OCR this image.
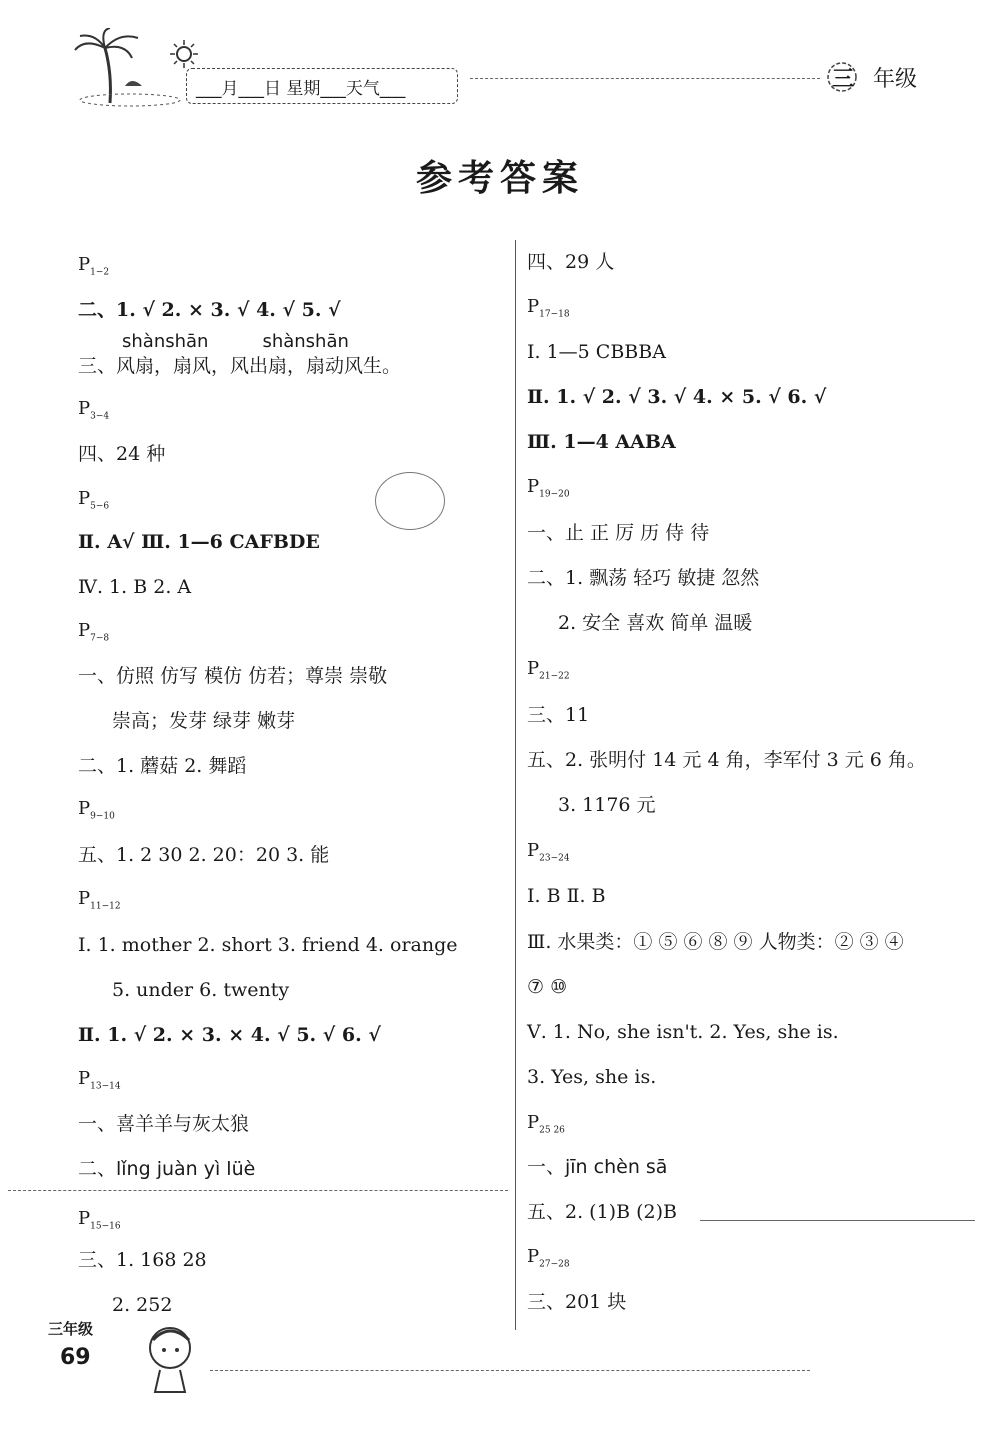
___月___日 星期___天气___	三 年级
参考答案
$P_{1-2}$
二、1. √ 2. × 3. √ 4. √ 5. √
shànshān	shànshān
三、风扇，扇风，风出扇，扇动风生。
$P_{3-4}$
四、24 种
$P_{5-6}$
Ⅱ. A√ Ⅲ. 1—6 CAFBDE
Ⅳ. 1. B 2. A
$P_{7-8}$
一、仿照 仿写 模仿 仿若；尊崇 崇敬
崇高；发芽 绿芽 嫩芽
二、1. 蘑菇 2. 舞蹈
$P_{9-10}$
五、1. 2 30 2. 20：20 3. 能
$P_{11-12}$
Ⅰ. 1. mother 2. short 3. friend 4. orange
5. under 6. twenty
Ⅱ. 1. √ 2. × 3. × 4. √ 5. √ 6. √
$P_{13-14}$
一、喜羊羊与灰太狼
二、lǐng juàn yì lüè
$P_{15-16}$
三、1. 168 28
2. 252
四、29 人
$P_{17-18}$
Ⅰ. 1—5 CBBBA
Ⅱ. 1. √ 2. √ 3. √ 4. × 5. √ 6. √
Ⅲ. 1—4 AABA
$P_{19-20}$
一、止 正 厉 历 侍 待
二、1. 飘荡 轻巧 敏捷 忽然
2. 安全 喜欢 简单 温暖
$P_{21-22}$
三、11
五、2. 张明付 14 元 4 角，李军付 3 元 6 角。
3. 1176 元
$P_{23-24}$
Ⅰ. B Ⅱ. B
Ⅲ. 水果类：① ⑤ ⑥ ⑧ ⑨ 人物类：② ③ ④
⑦ ⑩
Ⅴ. 1. No, she isn't. 2. Yes, she is.
3. Yes, she is.
$P_{25 26}$
一、jīn chèn sā
五、2. (1)B (2)B
$P_{27-28}$
三、201 块
三年级
69
